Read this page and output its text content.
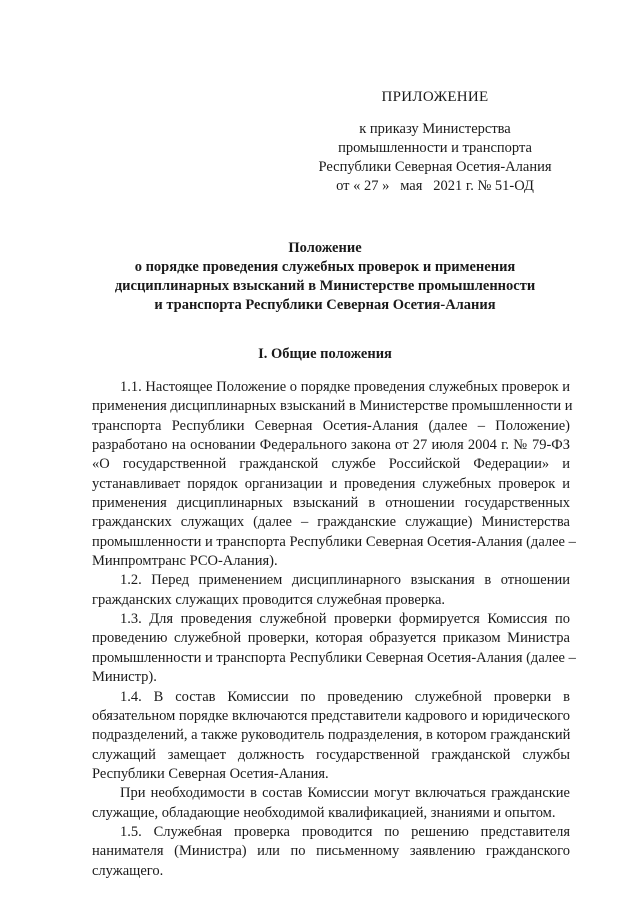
ПРИЛОЖЕНИЕ
к приказу Министерства
промышленности и транспорта
Республики Северная Осетия-Алания
от « 27 »   мая   2021 г. № 51-ОД
Положение
о порядке проведения служебных проверок и применения
дисциплинарных взысканий в Министерстве промышленности
и транспорта Республики Северная Осетия-Алания
I. Общие положения
1.1. Настоящее Положение о порядке проведения служебных проверок и
применения дисциплинарных взысканий в Министерстве промышленности и
транспорта Республики Северная Осетия-Алания (далее – Положение)
разработано на основании Федерального закона от 27 июля 2004 г. № 79-ФЗ
«О государственной гражданской службе Российской Федерации» и
устанавливает порядок организации и проведения служебных проверок и
применения дисциплинарных взысканий в отношении государственных
гражданских служащих (далее – гражданские служащие) Министерства
промышленности и транспорта Республики Северная Осетия-Алания (далее –
Минпромтранс РСО-Алания).
1.2. Перед применением дисциплинарного взыскания в отношении
гражданских служащих проводится служебная проверка.
1.3. Для проведения служебной проверки формируется Комиссия по
проведению служебной проверки, которая образуется приказом Министра
промышленности и транспорта Республики Северная Осетия-Алания (далее –
Министр).
1.4. В состав Комиссии по проведению служебной проверки в
обязательном порядке включаются представители кадрового и юридического
подразделений, а также руководитель подразделения, в котором гражданский
служащий замещает должность государственной гражданской службы
Республики Северная Осетия-Алания.
При необходимости в состав Комиссии могут включаться гражданские
служащие, обладающие необходимой квалификацией, знаниями и опытом.
1.5. Служебная проверка проводится по решению представителя
нанимателя (Министра) или по письменному заявлению гражданского
служащего.
